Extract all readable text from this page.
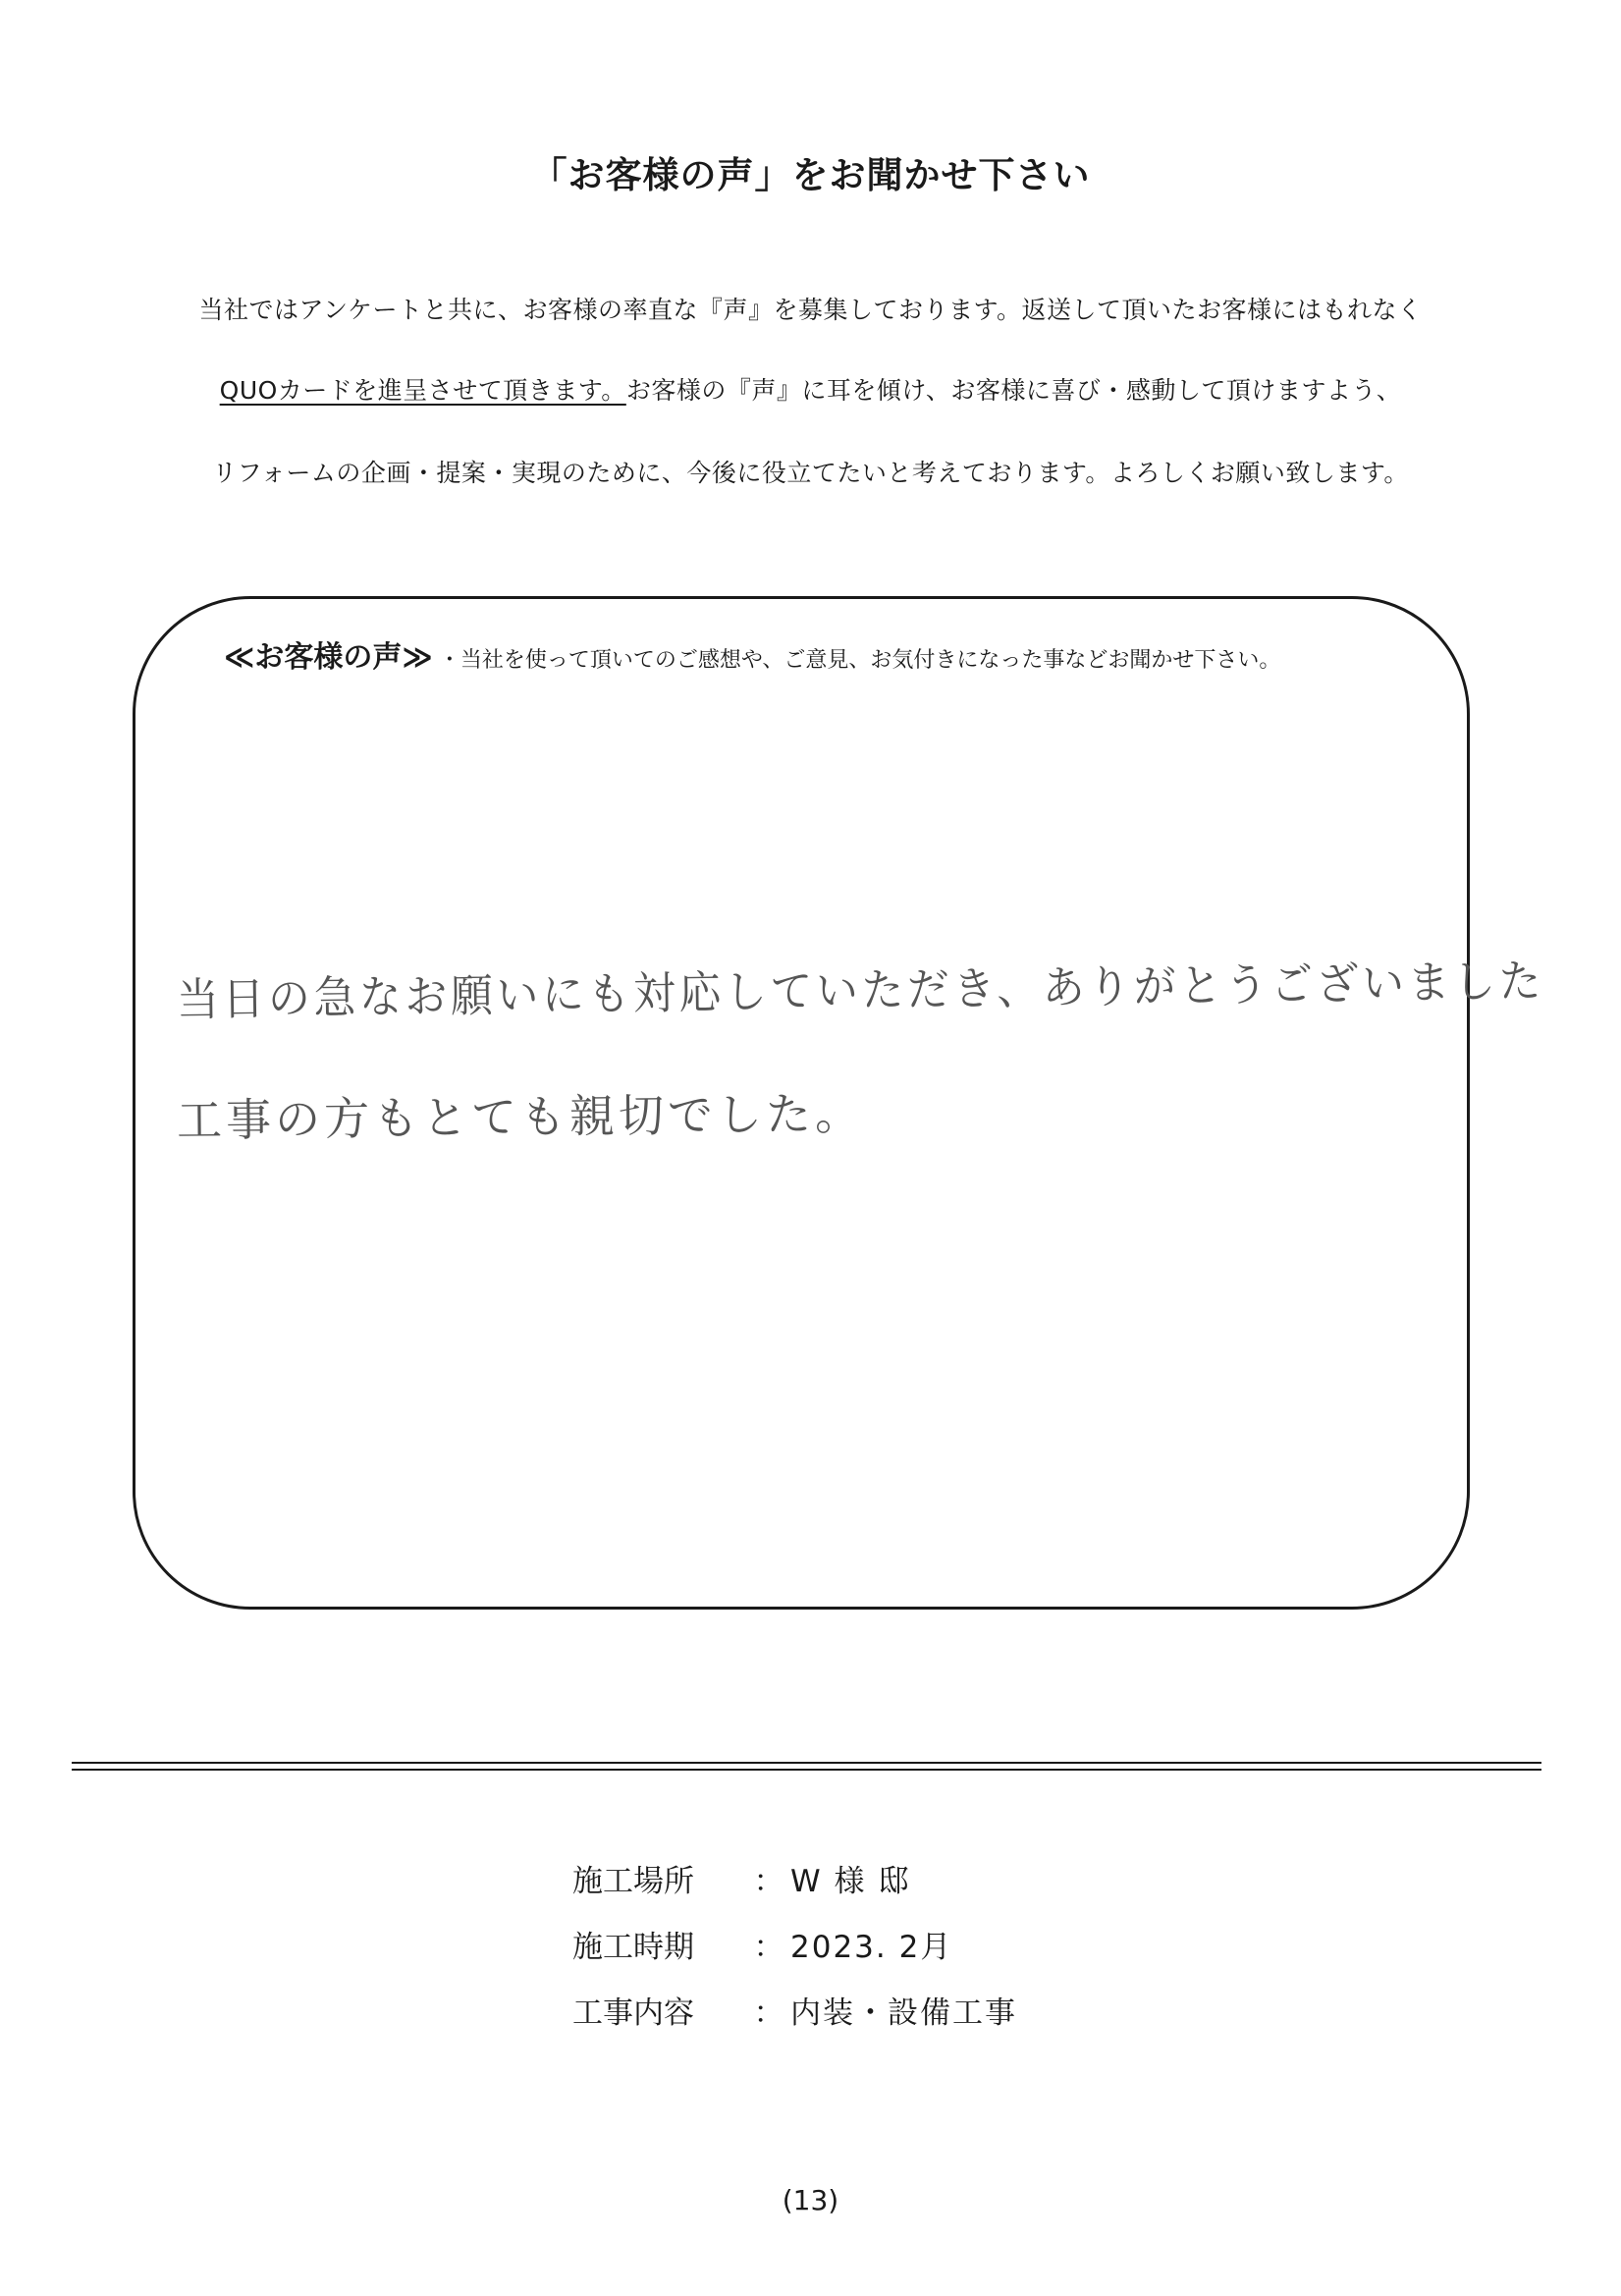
「お客様の声」をお聞かせ下さい
当社ではアンケートと共に、お客様の率直な『声』を募集しております。返送して頂いたお客様にはもれなく
QUOカードを進呈させて頂きます。お客様の『声』に耳を傾け、お客様に喜び・感動して頂けますよう、
リフォームの企画・提案・実現のために、今後に役立てたいと考えております。よろしくお願い致します。
≪お客様の声≫ ・当社を使って頂いてのご感想や、ご意見、お気付きになった事などお聞かせ下さい。
当日の急なお願いにも対応していただき、ありがとうございました
工事の方もとても親切でした。
施工場所 ： W 様 邸
施工時期 ： 2023. 2月
工事内容 ： 内装・設備工事
(13)
